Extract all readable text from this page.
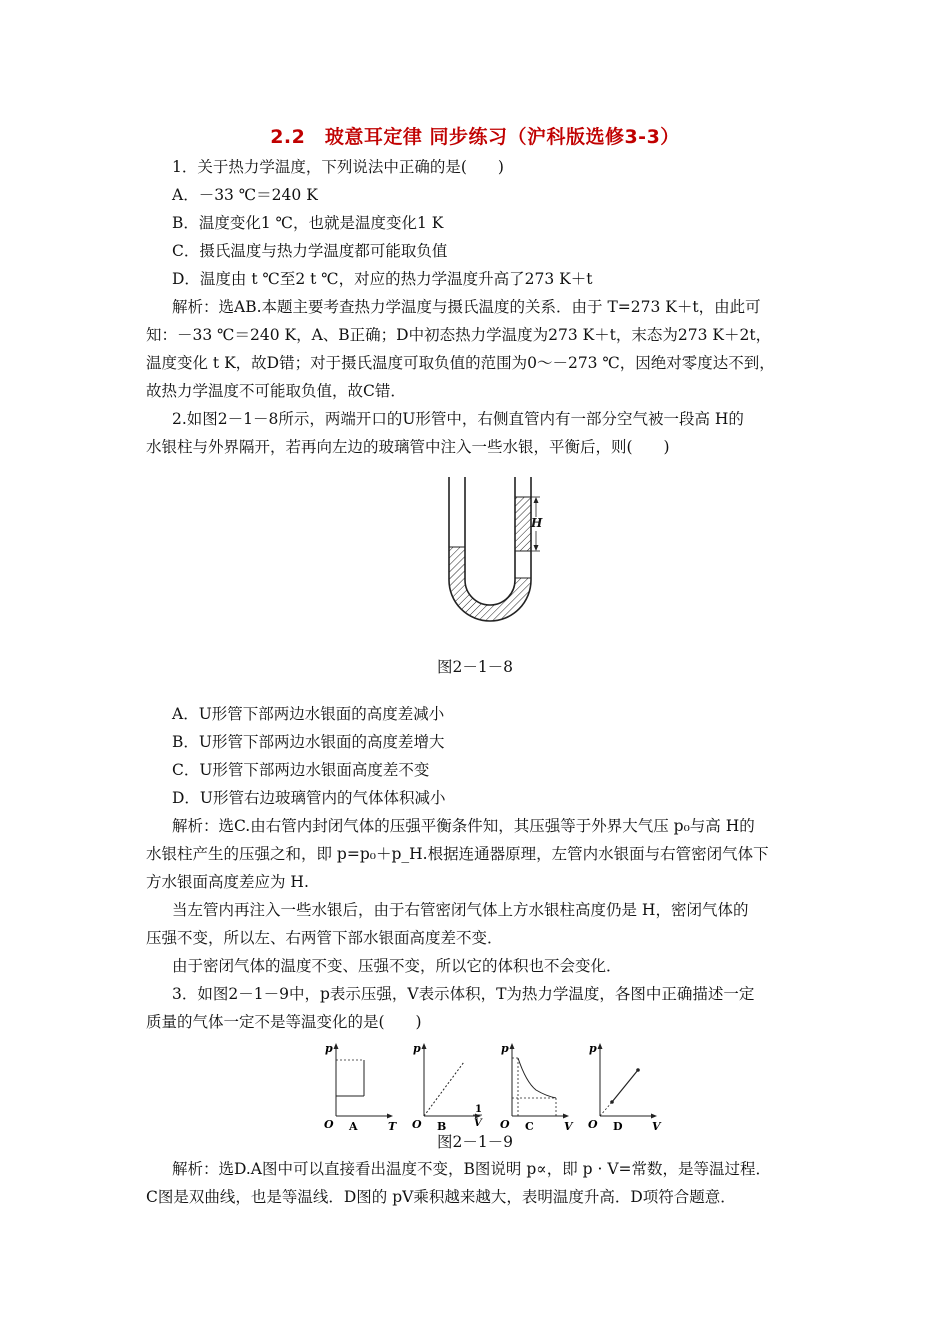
2.2　玻意耳定律 同步练习（沪科版选修3-3）
1．关于热力学温度，下列说法中正确的是(　　)
A．－33 ℃＝240 K
B．温度变化1 ℃，也就是温度变化1 K
C．摄氏温度与热力学温度都可能取负值
D．温度由 t ℃至2 t ℃，对应的热力学温度升高了273 K＋t
解析：选AB.本题主要考查热力学温度与摄氏温度的关系．由于 T=273 K＋t，由此可
知：－33 ℃＝240 K，A、B正确；D中初态热力学温度为273 K＋t，末态为273 K＋2t，
温度变化 t K，故D错；对于摄氏温度可取负值的范围为0～－273 ℃，因绝对零度达不到，
故热力学温度不可能取负值，故C错．
2.如图2－1－8所示，两端开口的U形管中，右侧直管内有一部分空气被一段高 H的
水银柱与外界隔开，若再向左边的玻璃管中注入一些水银，平衡后，则(　　)
H
图2－1－8
A．U形管下部两边水银面的高度差减小
B．U形管下部两边水银面的高度差增大
C．U形管下部两边水银面高度差不变
D．U形管右边玻璃管内的气体体积减小
解析：选C.由右管内封闭气体的压强平衡条件知，其压强等于外界大气压 p₀与高 H的
水银柱产生的压强之和，即 p=p₀＋p_H.根据连通器原理，左管内水银面与右管密闭气体下
方水银面高度差应为 H.
当左管内再注入一些水银后，由于右管密闭气体上方水银柱高度仍是 H，密闭气体的
压强不变，所以左、右两管下部水银面高度差不变．
由于密闭气体的温度不变、压强不变，所以它的体积也不会变化．
3．如图2－1－9中，p表示压强，V表示体积，T为热力学温度，各图中正确描述一定
质量的气体一定不是等温变化的是(　　)
p
O	T
A
p
O
1
V
B
p
O	V
C
p
O	V
D
图2－1－9
解析：选D.A图中可以直接看出温度不变，B图说明 p∝，即 p · V=常数，是等温过程．
C图是双曲线，也是等温线．D图的 pV乘积越来越大，表明温度升高．D项符合题意．
